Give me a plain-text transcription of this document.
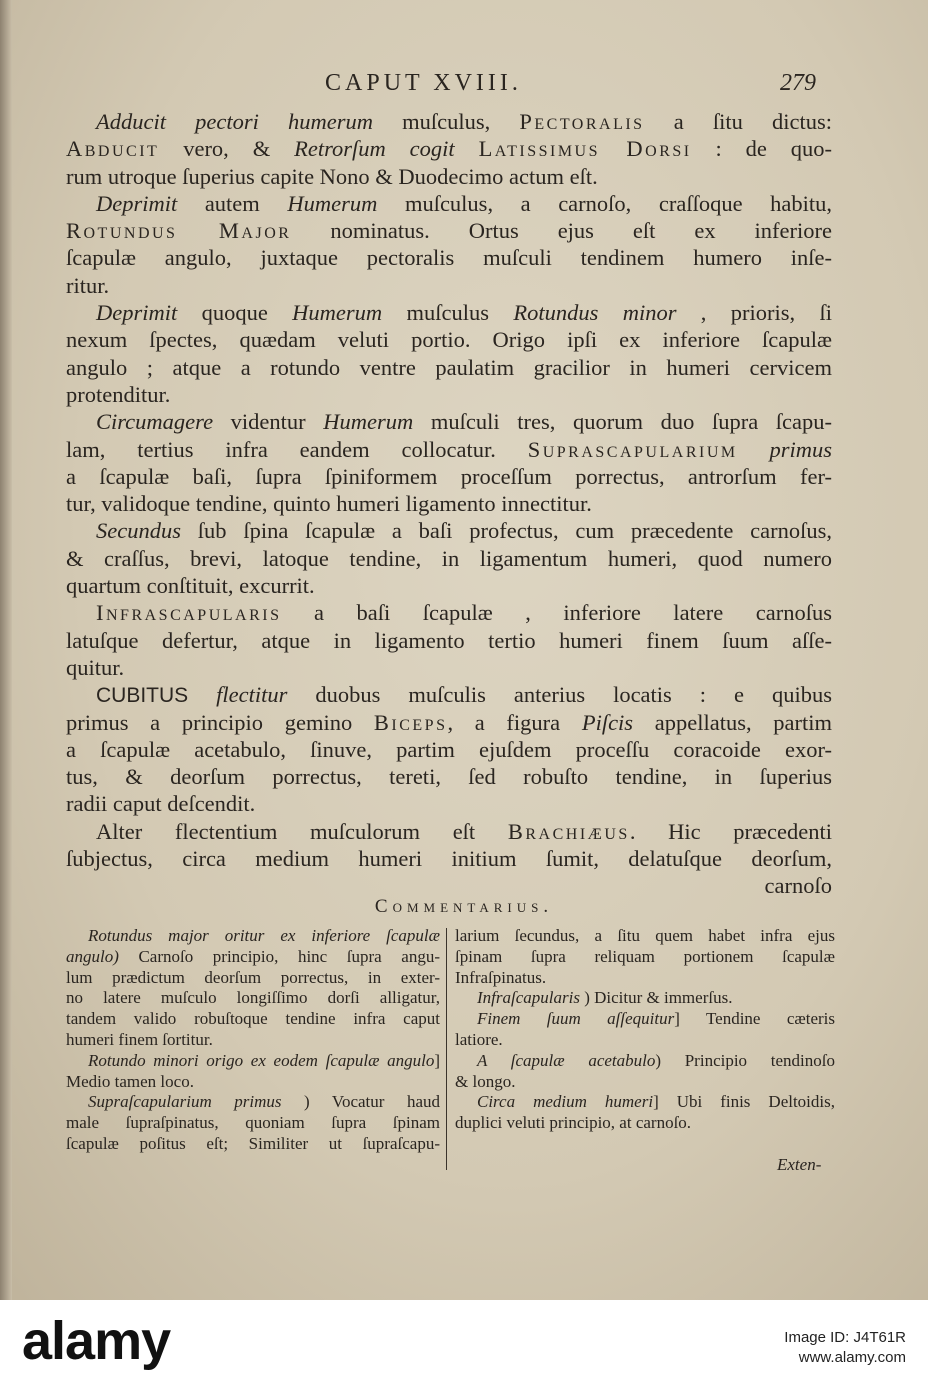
CAPUT XVIII.	279
Adducit pectori humerum muſculus, Pectoralis a ſitu dictus:
Abducit vero, & Retrorſum cogit Latissimus Dorsi : de quo-
rum utroque ſuperius capite Nono & Duodecimo actum eſt.
Deprimit autem Humerum muſculus, a carnoſo, craſſoque habitu,
Rotundus Major nominatus. Ortus ejus eſt ex inferiore
ſcapulæ angulo, juxtaque pectoralis muſculi tendinem humero inſe-
ritur.
Deprimit quoque Humerum muſculus Rotundus minor , prioris, ſi
nexum ſpectes, quædam veluti portio. Origo ipſi ex inferiore ſcapulæ
angulo ; atque a rotundo ventre paulatim gracilior in humeri cervicem
protenditur.
Circumagere videntur Humerum muſculi tres, quorum duo ſupra ſcapu-
lam, tertius infra eandem collocatur. Suprascapularium primus
a ſcapulæ baſi, ſupra ſpiniformem proceſſum porrectus, antrorſum fer-
tur, validoque tendine, quinto humeri ligamento innectitur.
Secundus ſub ſpina ſcapulæ a baſi profectus, cum præcedente carnoſus,
& craſſus, brevi, latoque tendine, in ligamentum humeri, quod numero
quartum conſtituit, excurrit.
Infrascapularis a baſi ſcapulæ , inferiore latere carnoſus
latuſque defertur, atque in ligamento tertio humeri finem ſuum aſſe-
quitur.
CUBITUS flectitur duobus muſculis anterius locatis : e quibus
primus a principio gemino Biceps, a figura Piſcis appellatus, partim
a ſcapulæ acetabulo, ſinuve, partim ejuſdem proceſſu coracoide exor-
tus, & deorſum porrectus, tereti, ſed robuſto tendine, in ſuperius
radii caput deſcendit.
Alter flectentium muſculorum eſt Brachiæus. Hic præcedenti
ſubjectus, circa medium humeri initium ſumit, delatuſque deorſum,
carnoſo
Commentarius.
Rotundus major oritur ex inferiore ſcapulæ
angulo) Carnoſo principio, hinc ſupra angu-
lum prædictum deorſum porrectus, in exter-
no latere muſculo longiſſimo dorſi alligatur,
tandem valido robuſtoque tendine infra caput
humeri finem ſortitur.
Rotundo minori origo ex eodem ſcapulæ angulo]
Medio tamen loco.
Supraſcapularium primus ) Vocatur haud
male ſupraſpinatus, quoniam ſupra ſpinam
ſcapulæ poſitus eſt; Similiter ut ſupraſcapu-
larium ſecundus, a ſitu quem habet infra ejus
ſpinam ſupra reliquam portionem ſcapulæ
Infraſpinatus.
Infraſcapularis ) Dicitur & immerſus.
Finem ſuum aſſequitur] Tendine cæteris
latiore.
A ſcapulæ acetabulo) Principio tendinoſo
& longo.
Circa medium humeri] Ubi finis Deltoidis,
duplici veluti principio, at carnoſo.
Exten-
alamy	Image ID: J4T61R
www.alamy.com
